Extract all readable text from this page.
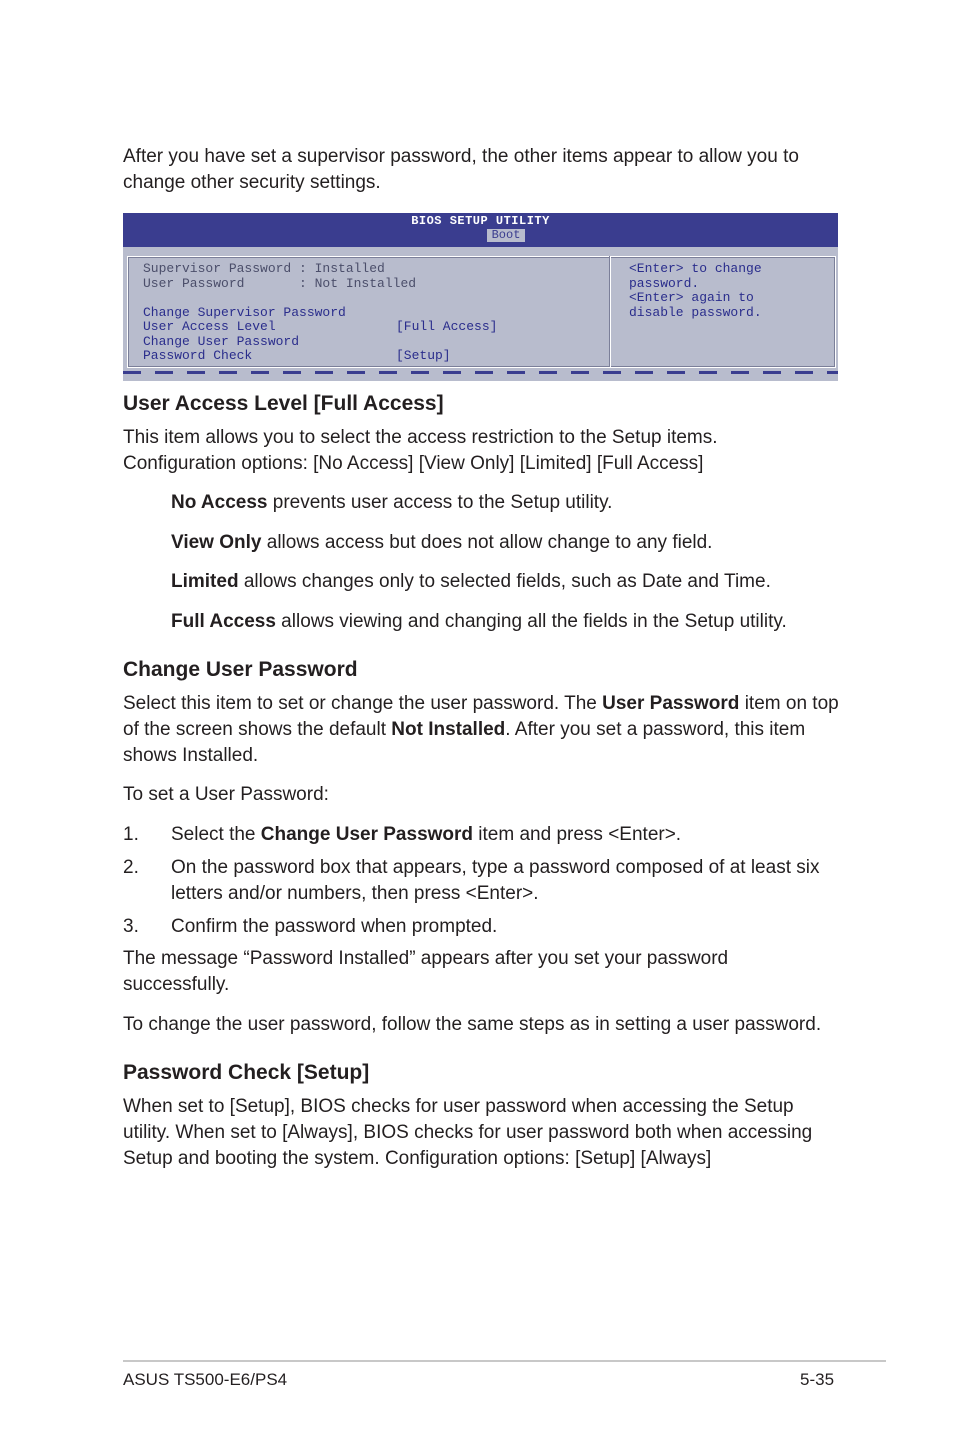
After you have set a supervisor password, the other items appear to allow you to change other security settings.

BIOS SETUP UTILITY
Boot
Supervisor Password : Installed
User Password       : Not Installed
Change Supervisor Password
User Access Level	[Full Access]
Change User Password
Password Check	[Setup]
<Enter> to change
password.
<Enter> again to
disable password.
User Access Level [Full Access]

This item allows you to select the access restriction to the Setup items.

Configuration options: [No Access] [View Only] [Limited] [Full Access]

No Access prevents user access to the Setup utility.

View Only allows access but does not allow change to any field.

Limited allows changes only to selected fields, such as Date and Time.

Full Access allows viewing and changing all the fields in the Setup utility.

Change User Password

Select this item to set or change the user password. The User Password item on top of the screen shows the default Not Installed. After you set a password, this item shows Installed.

To set a User Password:

1. Select the Change User Password item and press <Enter>.

2. On the password box that appears, type a password composed of at least six letters and/or numbers, then press <Enter>.

3. Confirm the password when prompted.

The message “Password Installed” appears after you set your password successfully.

To change the user password, follow the same steps as in setting a user password.

Password Check [Setup]

When set to [Setup], BIOS checks for user password when accessing the Setup utility. When set to [Always], BIOS checks for user password both when accessing Setup and booting the system. Configuration options: [Setup] [Always]

ASUS TS500-E6/PS4	5-35
